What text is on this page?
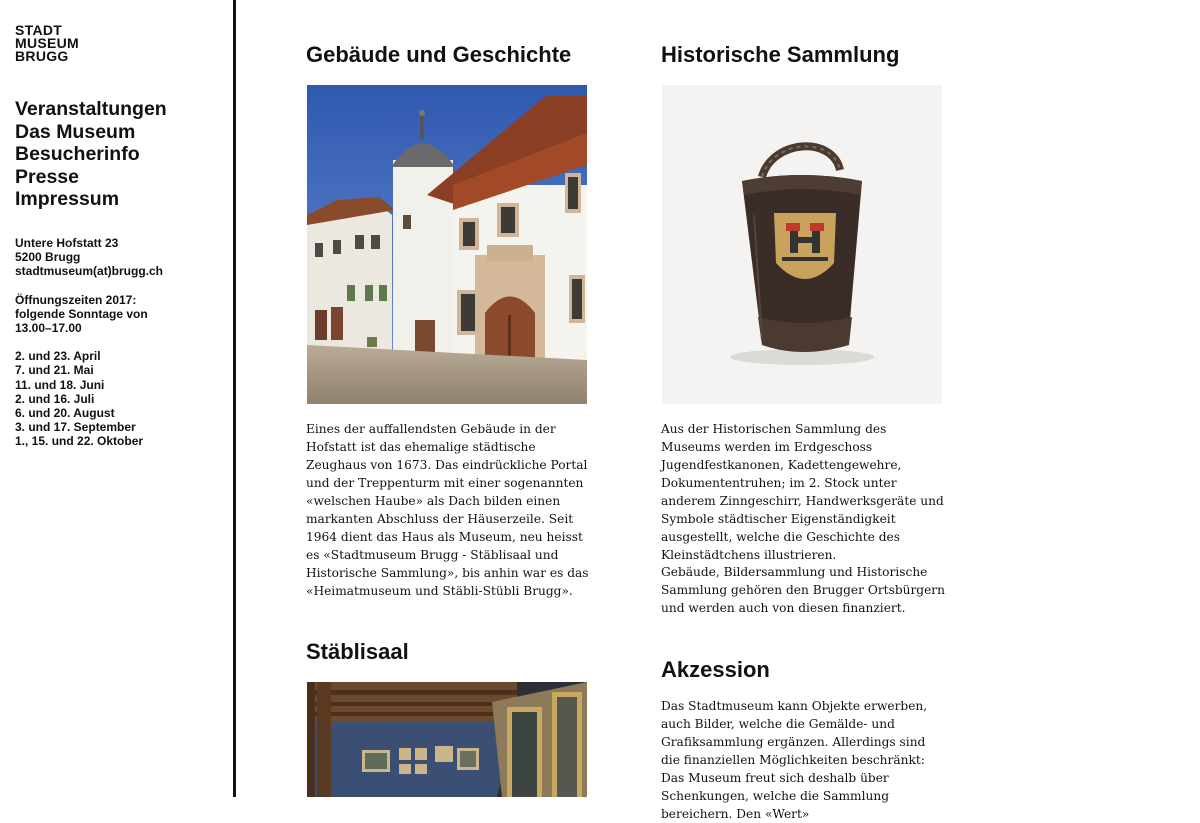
STADT
MUSEUM
BRUGG
Veranstaltungen
Das Museum
Besucherinfo
Presse
Impressum
Untere Hofstatt 23
5200 Brugg
stadtmuseum(at)brugg.ch
Öffnungszeiten 2017:
folgende Sonntage von
13.00–17.00
2. und 23. April
7. und 21. Mai
11. und 18. Juni
2. und 16. Juli
6. und 20. August
3. und 17. September
1., 15. und 22. Oktober
Gebäude und Geschichte

Eines der auffallendsten Gebäude in der Hofstatt ist das ehemalige städtische Zeughaus von 1673. Das eindrückliche Portal und der Treppenturm mit einer sogenannten «welschen Haube» als Dach bilden einen markanten Abschluss der Häuserzeile. Seit 1964 dient das Haus als Museum, neu heisst es «Stadtmuseum Brugg - Stäblisaal und Historische Sammlung», bis anhin war es das «Heimatmuseum und Stäbli-Stübli Brugg».

Stäblisaal
Historische Sammlung

Aus der Historischen Sammlung des Museums werden im Erdgeschoss Jugendfestkanonen, Kadettengewehre, Dokumententruhen; im 2. Stock unter anderem Zinngeschirr, Handwerksgeräte und Symbole städtischer Eigenständigkeit ausgestellt, welche die Geschichte des Kleinstädtchens illustrieren.

Gebäude, Bildersammlung und Historische Sammlung gehören den Brugger Ortsbürgern und werden auch von diesen finanziert.

Akzession

Das Stadtmuseum kann Objekte erwerben, auch Bilder, welche die Gemälde- und Grafiksammlung ergänzen. Allerdings sind die finanziellen Möglichkeiten beschränkt: Das Museum freut sich deshalb über Schenkungen, welche die Sammlung bereichern. Den «Wert»
